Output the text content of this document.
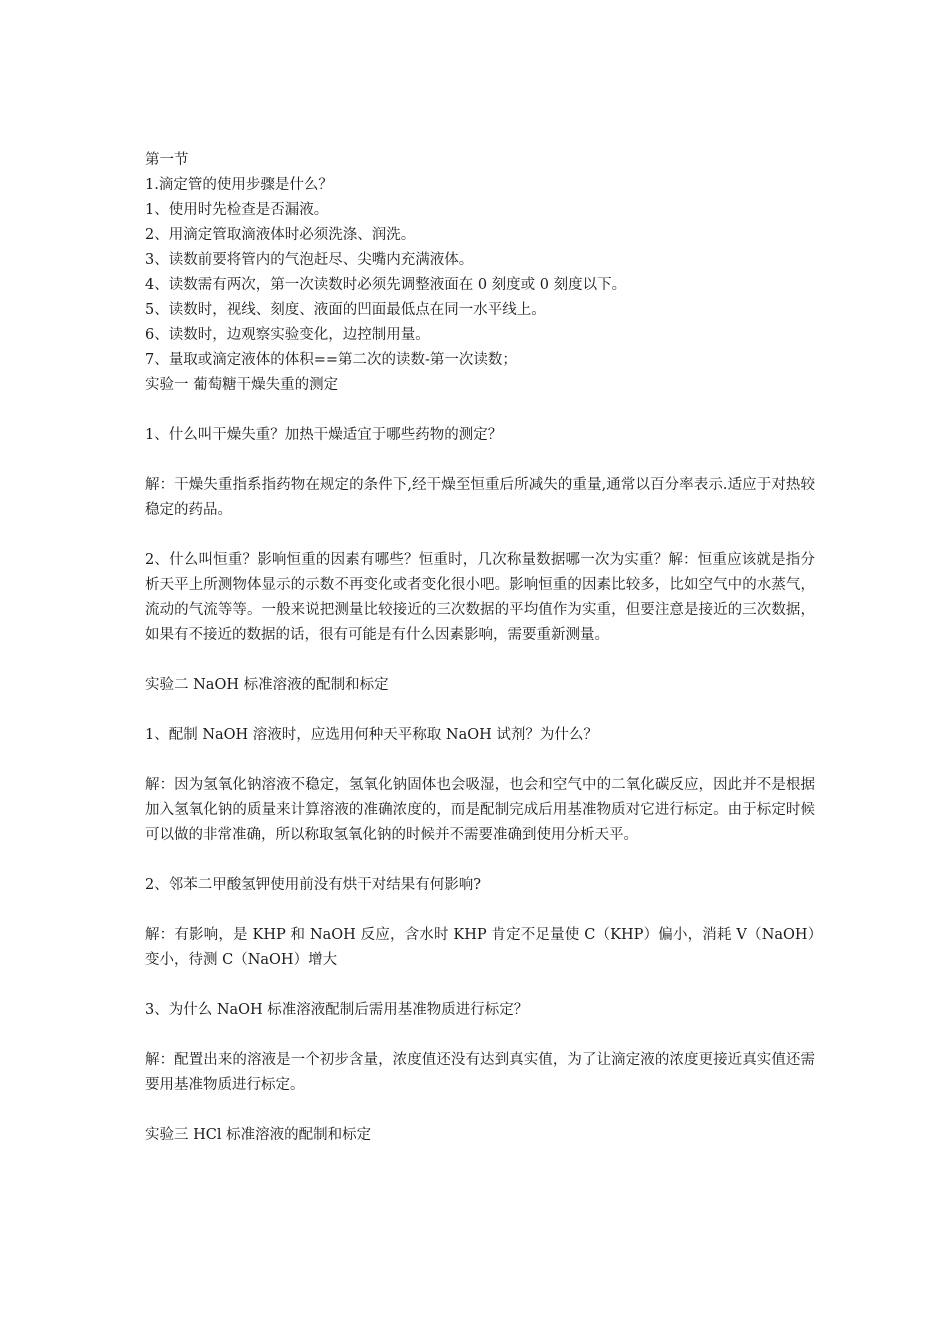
第一节
1.滴定管的使用步骤是什么？
1、使用时先检查是否漏液。
2、用滴定管取滴液体时必须洗涤、润洗。
3、读数前要将管内的气泡赶尽、尖嘴内充满液体。
4、读数需有两次，第一次读数时必须先调整液面在 0 刻度或 0 刻度以下。
5、读数时，视线、刻度、液面的凹面最低点在同一水平线上。
6、读数时，边观察实验变化，边控制用量。
7、量取或滴定液体的体积==第二次的读数-第一次读数；
实验一 葡萄糖干燥失重的测定
1、什么叫干燥失重？加热干燥适宜于哪些药物的测定？
解：干燥失重指系指药物在规定的条件下,经干燥至恒重后所减失的重量,通常以百分率表示.适应于对热较稳定的药品。
2、什么叫恒重？影响恒重的因素有哪些？恒重时，几次称量数据哪一次为实重？解：恒重应该就是指分析天平上所测物体显示的示数不再变化或者变化很小吧。影响恒重的因素比较多，比如空气中的水蒸气，流动的气流等等。一般来说把测量比较接近的三次数据的平均值作为实重，但要注意是接近的三次数据，如果有不接近的数据的话，很有可能是有什么因素影响，需要重新测量。
实验二 NaOH 标准溶液的配制和标定
1、配制 NaOH 溶液时，应选用何种天平称取 NaOH 试剂？为什么？
解：因为氢氧化钠溶液不稳定，氢氧化钠固体也会吸湿，也会和空气中的二氧化碳反应，因此并不是根据加入氢氧化钠的质量来计算溶液的准确浓度的，而是配制完成后用基准物质对它进行标定。由于标定时候可以做的非常准确，所以称取氢氧化钠的时候并不需要准确到使用分析天平。
2、邻苯二甲酸氢钾使用前没有烘干对结果有何影响?
解：有影响，是 KHP 和 NaOH 反应，含水时 KHP 肯定不足量使 C（KHP）偏小，消耗 V（NaOH）变小，待测 C（NaOH）增大
3、为什么 NaOH 标准溶液配制后需用基准物质进行标定？
解：配置出来的溶液是一个初步含量，浓度值还没有达到真实值，为了让滴定液的浓度更接近真实值还需要用基准物质进行标定。
实验三 HCl 标准溶液的配制和标定
